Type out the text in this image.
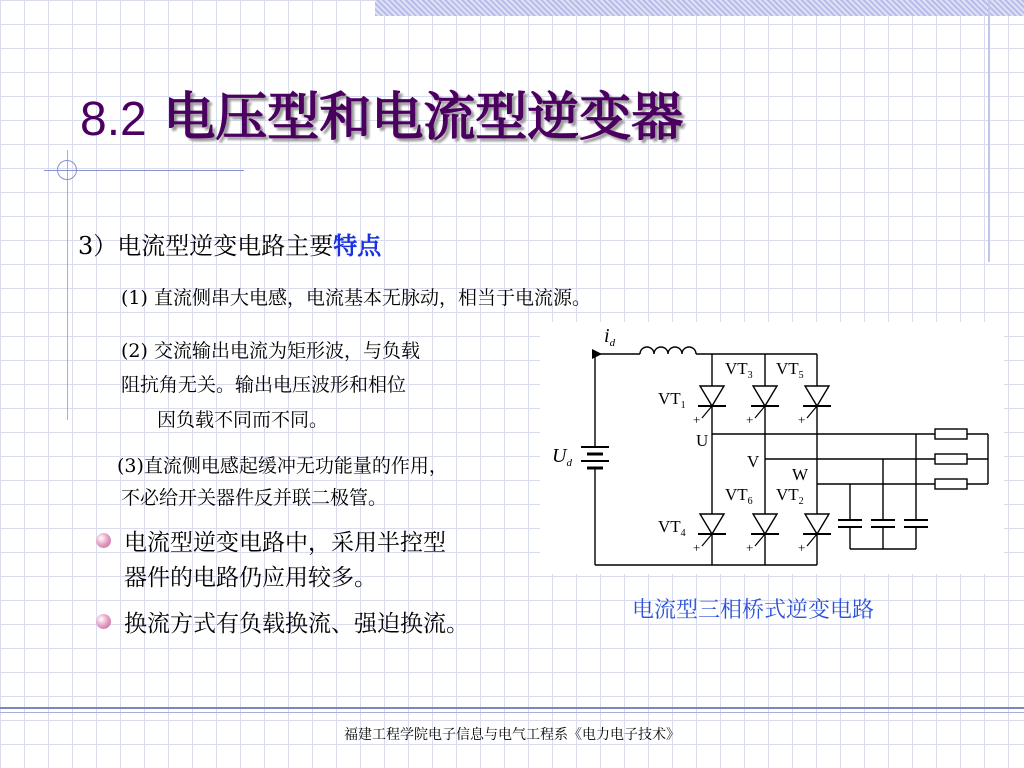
8.2 电压型和电流型逆变器
3）电流型逆变电路主要特点
(1) 直流侧串大电感，电流基本无脉动，相当于电流源。
(2) 交流输出电流为矩形波，与负载
阻抗角无关。输出电压波形和相位
因负载不同而不同。
(3)直流侧电感起缓冲无功能量的作用，
不必给开关器件反并联二极管。
电流型逆变电路中，采用半控型
器件的电路仍应用较多。
换流方式有负载换流、强迫换流。
$i_d$
$U_d$
$VT_3$ $VT_5$
$VT_1$
$VT_6$ $VT_2$
$VT_4$
U
V
W
+	+	+
+	+	+
电流型三相桥式逆变电路
福建工程学院电子信息与电气工程系《电力电子技术》
